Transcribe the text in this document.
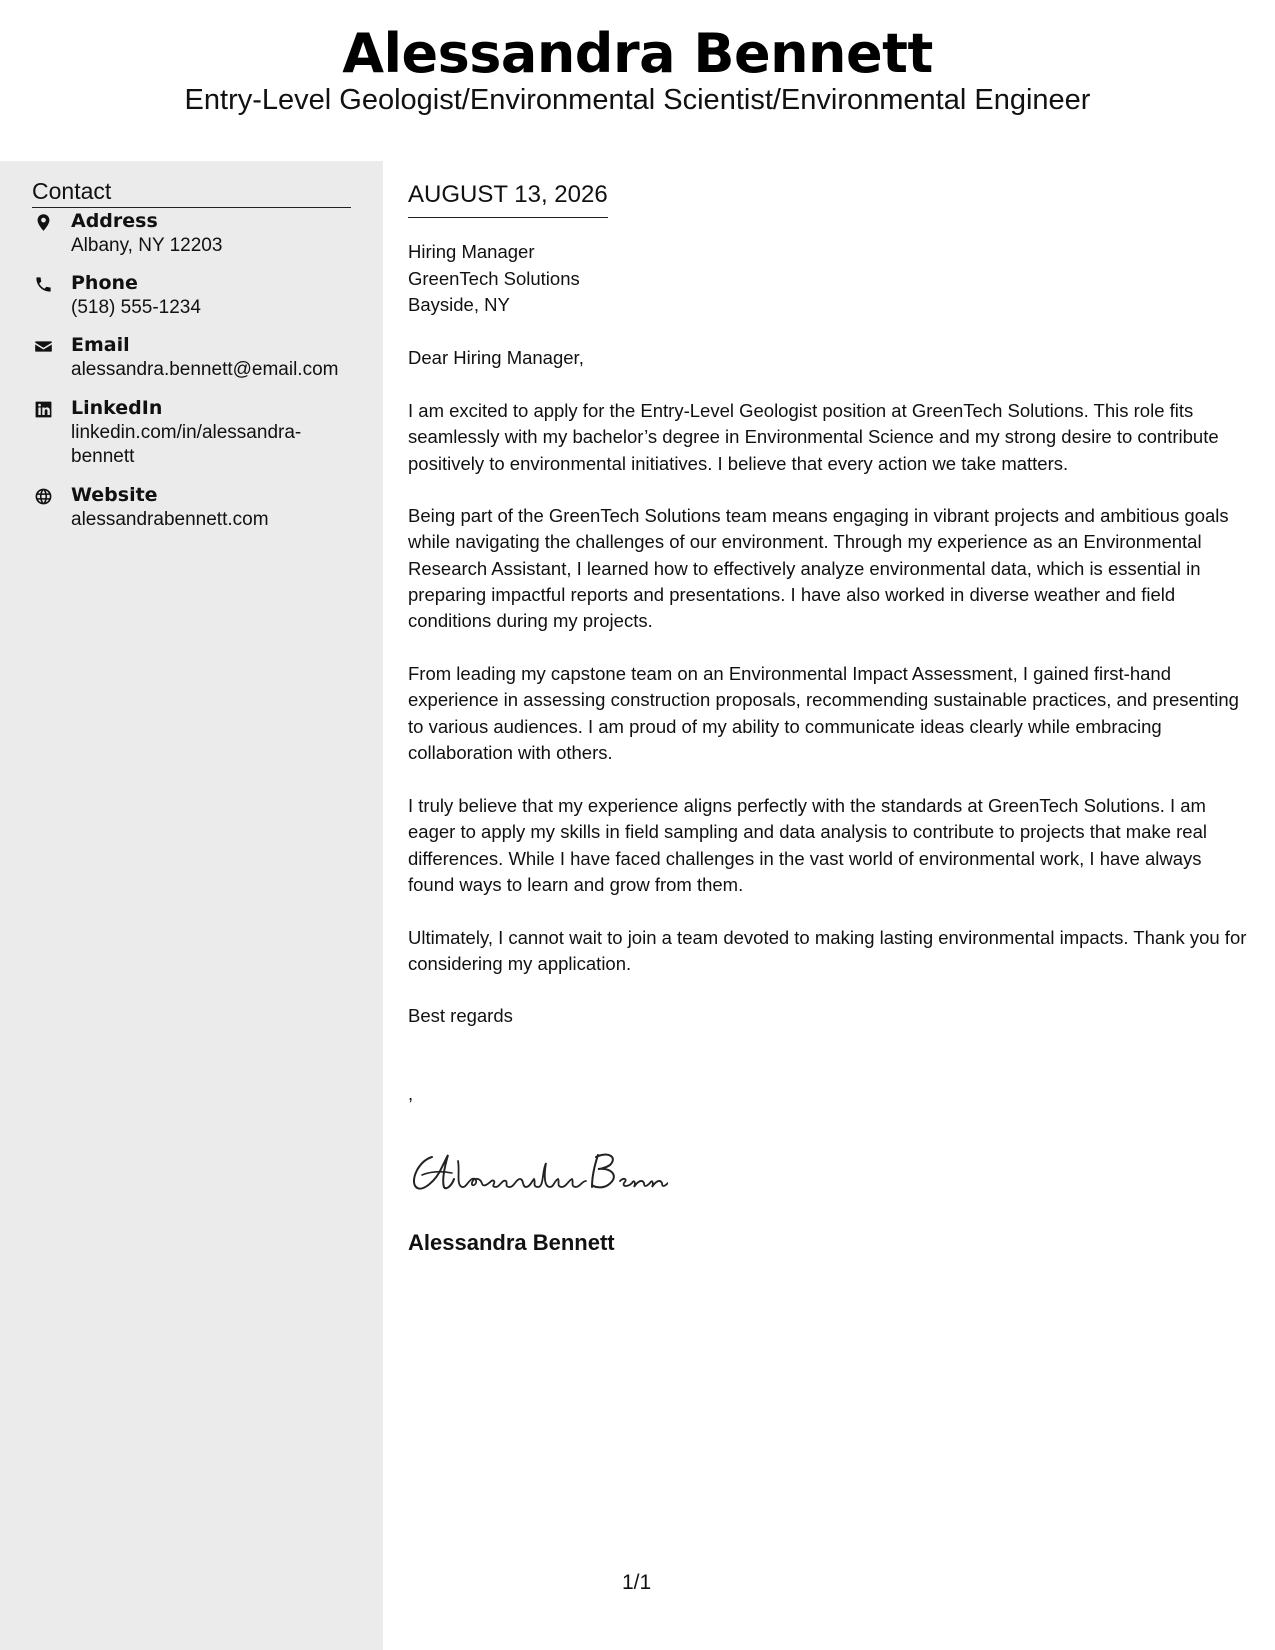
Alessandra Bennett
Entry-Level Geologist/Environmental Scientist/Environmental Engineer
Contact
Address
Albany, NY 12203
Phone
(518) 555-1234
Email
alessandra.bennett@email.com
LinkedIn
linkedin.com/in/alessandra-bennett
Website
alessandrabennett.com
AUGUST 13, 2026
Hiring Manager
GreenTech Solutions
Bayside, NY
Dear Hiring Manager,
I am excited to apply for the Entry-Level Geologist position at GreenTech Solutions. This role fits seamlessly with my bachelor’s degree in Environmental Science and my strong desire to contribute positively to environmental initiatives. I believe that every action we take matters.
Being part of the GreenTech Solutions team means engaging in vibrant projects and ambitious goals while navigating the challenges of our environment. Through my experience as an Environmental Research Assistant, I learned how to effectively analyze environmental data, which is essential in preparing impactful reports and presentations. I have also worked in diverse weather and field conditions during my projects.
From leading my capstone team on an Environmental Impact Assessment, I gained first-hand experience in assessing construction proposals, recommending sustainable practices, and presenting to various audiences. I am proud of my ability to communicate ideas clearly while embracing collaboration with others.
I truly believe that my experience aligns perfectly with the standards at GreenTech Solutions. I am eager to apply my skills in field sampling and data analysis to contribute to projects that make real differences. While I have faced challenges in the vast world of environmental work, I have always found ways to learn and grow from them.
Ultimately, I cannot wait to join a team devoted to making lasting environmental impacts. Thank you for considering my application.
Best regards
,
Alessandra Bennett
1/1
